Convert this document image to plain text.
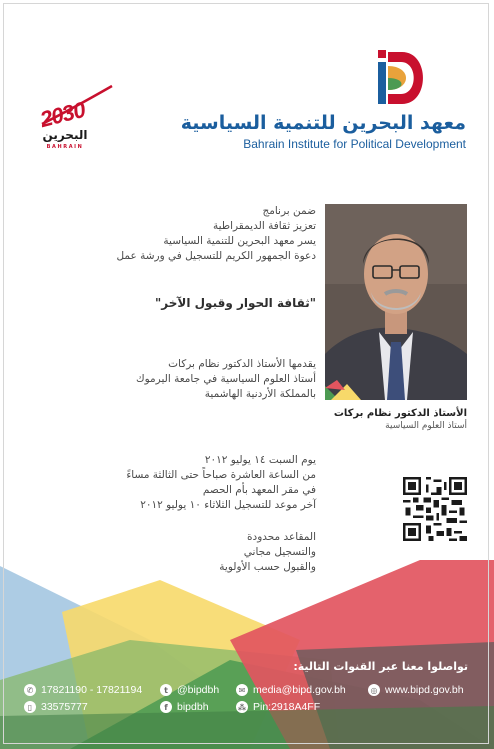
2030
البحرين
BAHRAIN
معهد البحرين للتنمية السياسية
Bahrain Institute for Political Development
ضمن برنامج
تعزيز ثقافة الديمقراطية
يسر معهد البحرين للتنمية السياسية
دعوة الجمهور الكريم للتسجيل في ورشة عمل
"ثقافة الحوار وقبول الآخر"
يقدمها الأستاذ الدكتور نظام بركات
أستاذ العلوم السياسية في جامعة اليرموك
بالمملكة الأردنية الهاشمية
يوم السبت ١٤ يوليو ٢٠١٢
من الساعة العاشرة صباحاً حتى الثالثة مساءً
في مقر المعهد بأم الحصم
آخر موعد للتسجيل الثلاثاء ١٠ يوليو ٢٠١٢
المقاعد محدودة
والتسجيل مجاني
والقبول حسب الأولوية
الأستاذ الدكتور نظام بركات
أستاذ العلوم السياسية
تواصلوا معنا عبر القنوات التالية:
✆ 17821190 - 17821194
▯ 33575777
t @bipdbh
f bipdbh
✉ media@bipd.gov.bh
⁂ Pin:2918A4FF
◎ www.bipd.gov.bh
